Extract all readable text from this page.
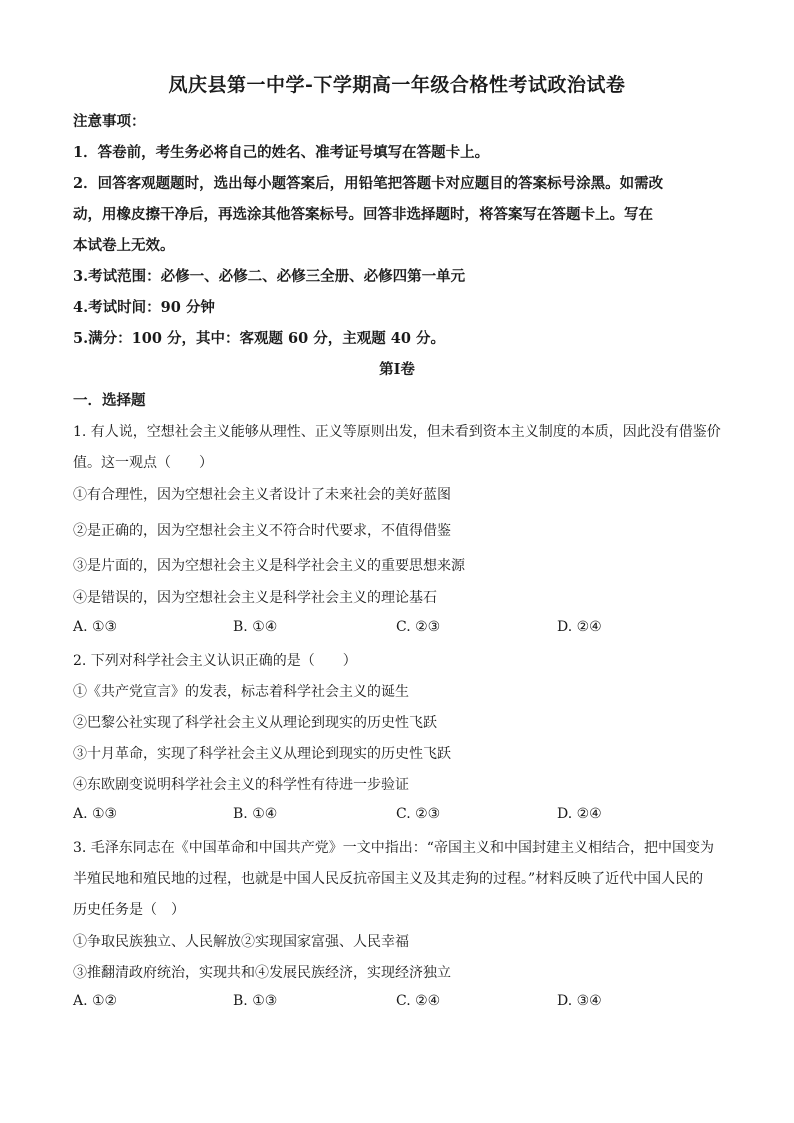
凤庆县第一中学-下学期高一年级合格性考试政治试卷
注意事项：
1．答卷前，考生务必将自己的姓名、准考证号填写在答题卡上。
2．回答客观题题时，选出每小题答案后，用铅笔把答题卡对应题目的答案标号涂黑。如需改
动，用橡皮擦干净后，再选涂其他答案标号。回答非选择题时，将答案写在答题卡上。写在
本试卷上无效。
3.考试范围：必修一、必修二、必修三全册、必修四第一单元
4.考试时间：90 分钟
5.满分：100 分，其中：客观题 60 分，主观题 40 分。
第Ⅰ卷
一．选择题
1. 有人说，空想社会主义能够从理性、正义等原则出发，但未看到资本主义制度的本质，因此没有借鉴价
值。这一观点（　　）
①有合理性，因为空想社会主义者设计了未来社会的美好蓝图
②是正确的，因为空想社会主义不符合时代要求，不值得借鉴
③是片面的，因为空想社会主义是科学社会主义的重要思想来源
④是错误的，因为空想社会主义是科学社会主义的理论基石
A. ①③	B. ①④	C. ②③	D. ②④
2. 下列对科学社会主义认识正确的是（　　）
①《共产党宣言》的发表，标志着科学社会主义的诞生
②巴黎公社实现了科学社会主义从理论到现实的历史性飞跃
③十月革命，实现了科学社会主义从理论到现实的历史性飞跃
④东欧剧变说明科学社会主义的科学性有待进一步验证
A. ①③	B. ①④	C. ②③	D. ②④
3. 毛泽东同志在《中国革命和中国共产党》一文中指出：“帝国主义和中国封建主义相结合，把中国变为
半殖民地和殖民地的过程，也就是中国人民反抗帝国主义及其走狗的过程。”材料反映了近代中国人民的
历史任务是（　）
①争取民族独立、人民解放②实现国家富强、人民幸福
③推翻清政府统治，实现共和④发展民族经济，实现经济独立
A. ①②	B. ①③	C. ②④	D. ③④
